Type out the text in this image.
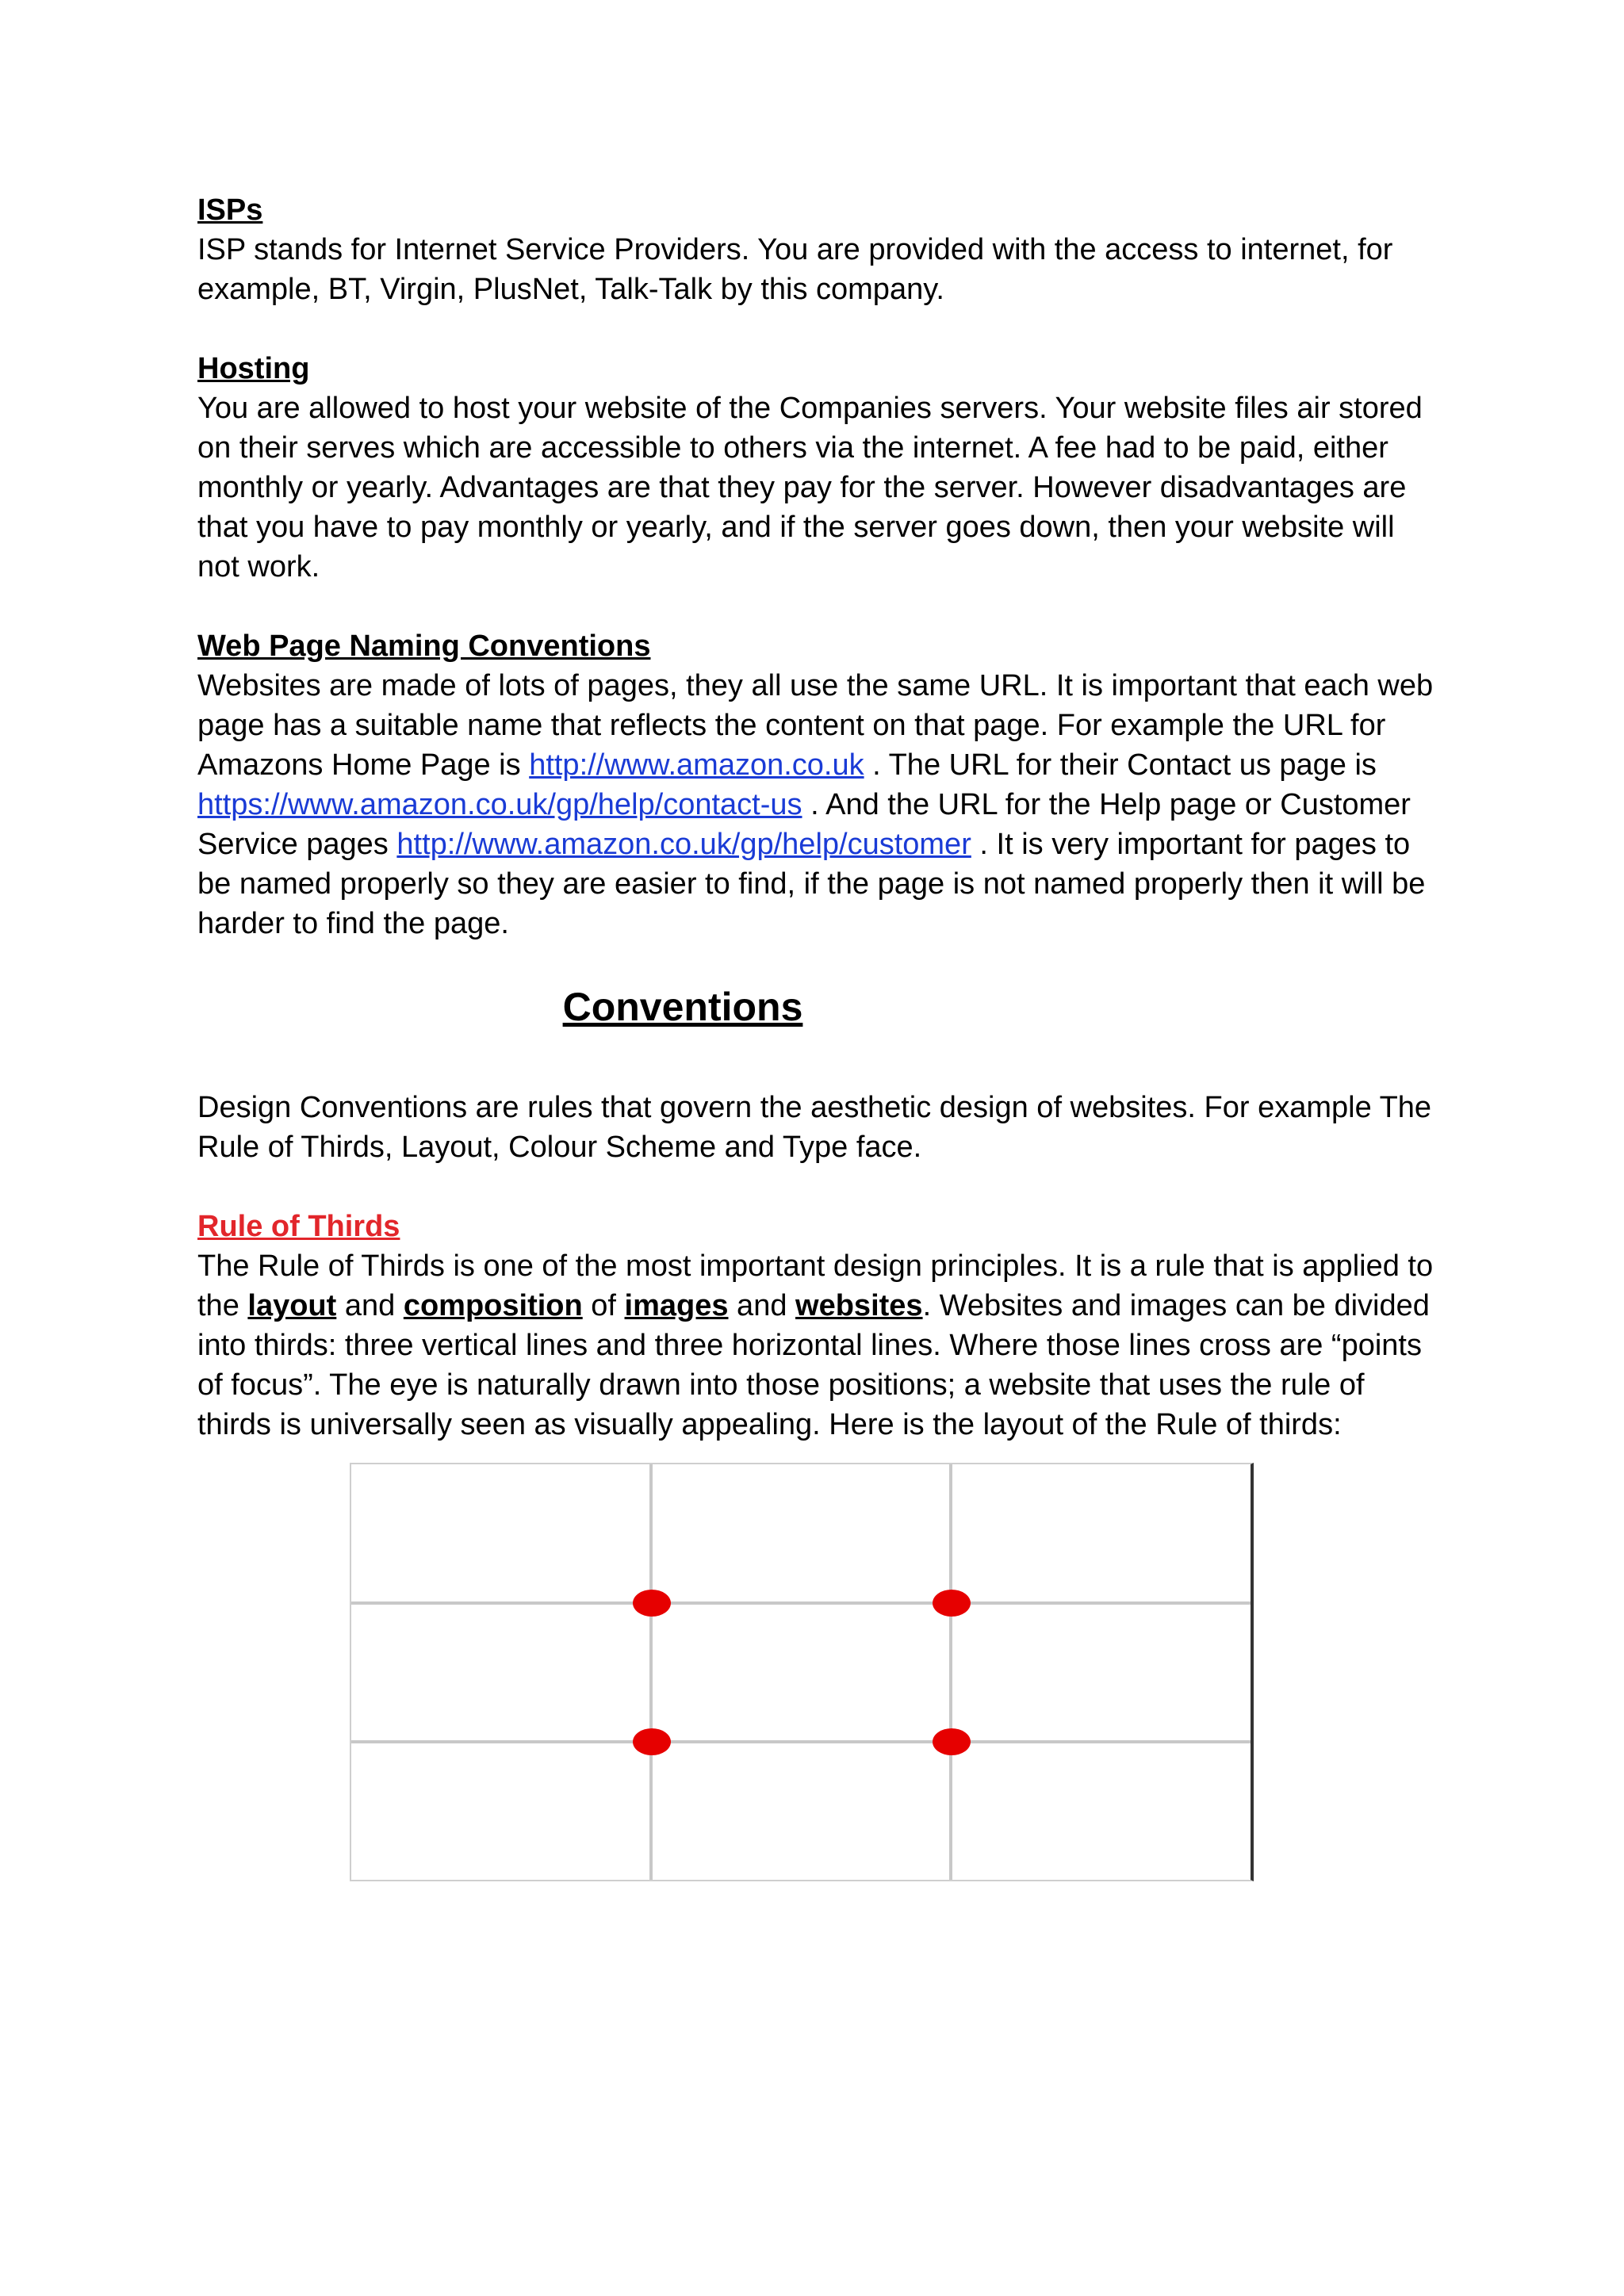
ISPs

ISP stands for Internet Service Providers. You are provided with the access to internet, for example, BT, Virgin, PlusNet, Talk-Talk by this company.

Hosting

You are allowed to host your website of the Companies servers. Your website files air stored on their serves which are accessible to others via the internet. A fee had to be paid, either monthly or yearly. Advantages are that they pay for the server. However disadvantages are that you have to pay monthly or yearly, and if the server goes down, then your website will not work.

Web Page Naming Conventions

Websites are made of lots of pages, they all use the same URL. It is important that each web page has a suitable name that reflects the content on that page. For example the URL for Amazons Home Page is http://www.amazon.co.uk . The URL for their Contact us page is https://www.amazon.co.uk/gp/help/contact-us . And the URL for the Help page or Customer Service pages http://www.amazon.co.uk/gp/help/customer . It is very important for pages to be named properly so they are easier to find, if the page is not named properly then it will be harder to find the page.

Conventions

Design Conventions are rules that govern the aesthetic design of websites. For example The Rule of Thirds, Layout, Colour Scheme and Type face.

Rule of Thirds

The Rule of Thirds is one of the most important design principles. It is a rule that is applied to the layout and composition of images and websites. Websites and images can be divided into thirds: three vertical lines and three horizontal lines. Where those lines cross are “points of focus”. The eye is naturally drawn into those positions; a website that uses the rule of thirds is universally seen as visually appealing. Here is the layout of the Rule of thirds:
